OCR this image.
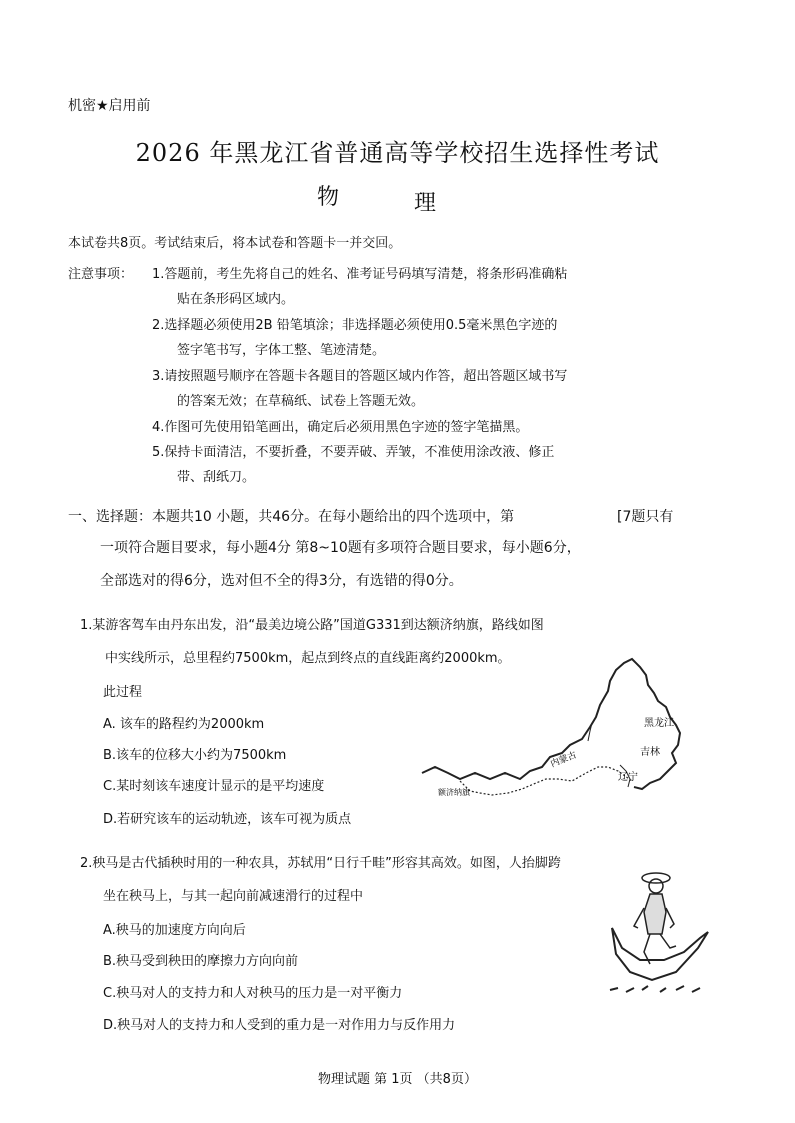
机密★启用前
2026 年黑龙江省普通高等学校招生选择性考试
物	理
本试卷共8页。考试结束后，将本试卷和答题卡一并交回。
注意事项： 1.答题前，考生先将自己的姓名、准考证号码填写清楚，将条形码准确粘
贴在条形码区域内。
2.选择题必须使用2B 铅笔填涂；非选择题必须使用0.5毫米黑色字迹的
签字笔书写，字体工整、笔迹清楚。
3.请按照题号顺序在答题卡各题目的答题区域内作答，超出答题区域书写
的答案无效；在草稿纸、试卷上答题无效。
4.作图可先使用铅笔画出，确定后必须用黑色字迹的签字笔描黑。
5.保持卡面清洁，不要折叠，不要弄破、弄皱，不准使用涂改液、修正
带、刮纸刀。
一、选择题：本题共10 小题，共46分。在每小题给出的四个选项中，第	[7题只有
一项符合题目要求，每小题4分 第8~10题有多项符合题目要求，每小题6分，
全部选对的得6分，选对但不全的得3分，有选错的得0分。
1.某游客驾车由丹东出发，沿“最美边境公路”国道G331到达额济纳旗，路线如图
中实线所示，总里程约7500km，起点到终点的直线距离约2000km。
此过程
A. 该车的路程约为2000km
B.该车的位移大小约为7500km
C.某时刻该车速度计显示的是平均速度
D.若研究该车的运动轨迹，该车可视为质点
黑龙江
吉林
辽宁
内蒙古
额济纳旗
2.秧马是古代插秧时用的一种农具，苏轼用“日行千畦”形容其高效。如图，人抬脚跨
坐在秧马上，与其一起向前减速滑行的过程中
A.秧马的加速度方向向后
B.秧马受到秧田的摩擦力方向向前
C.秧马对人的支持力和人对秧马的压力是一对平衡力
D.秧马对人的支持力和人受到的重力是一对作用力与反作用力
物理试题 第 1页 （共8页）
